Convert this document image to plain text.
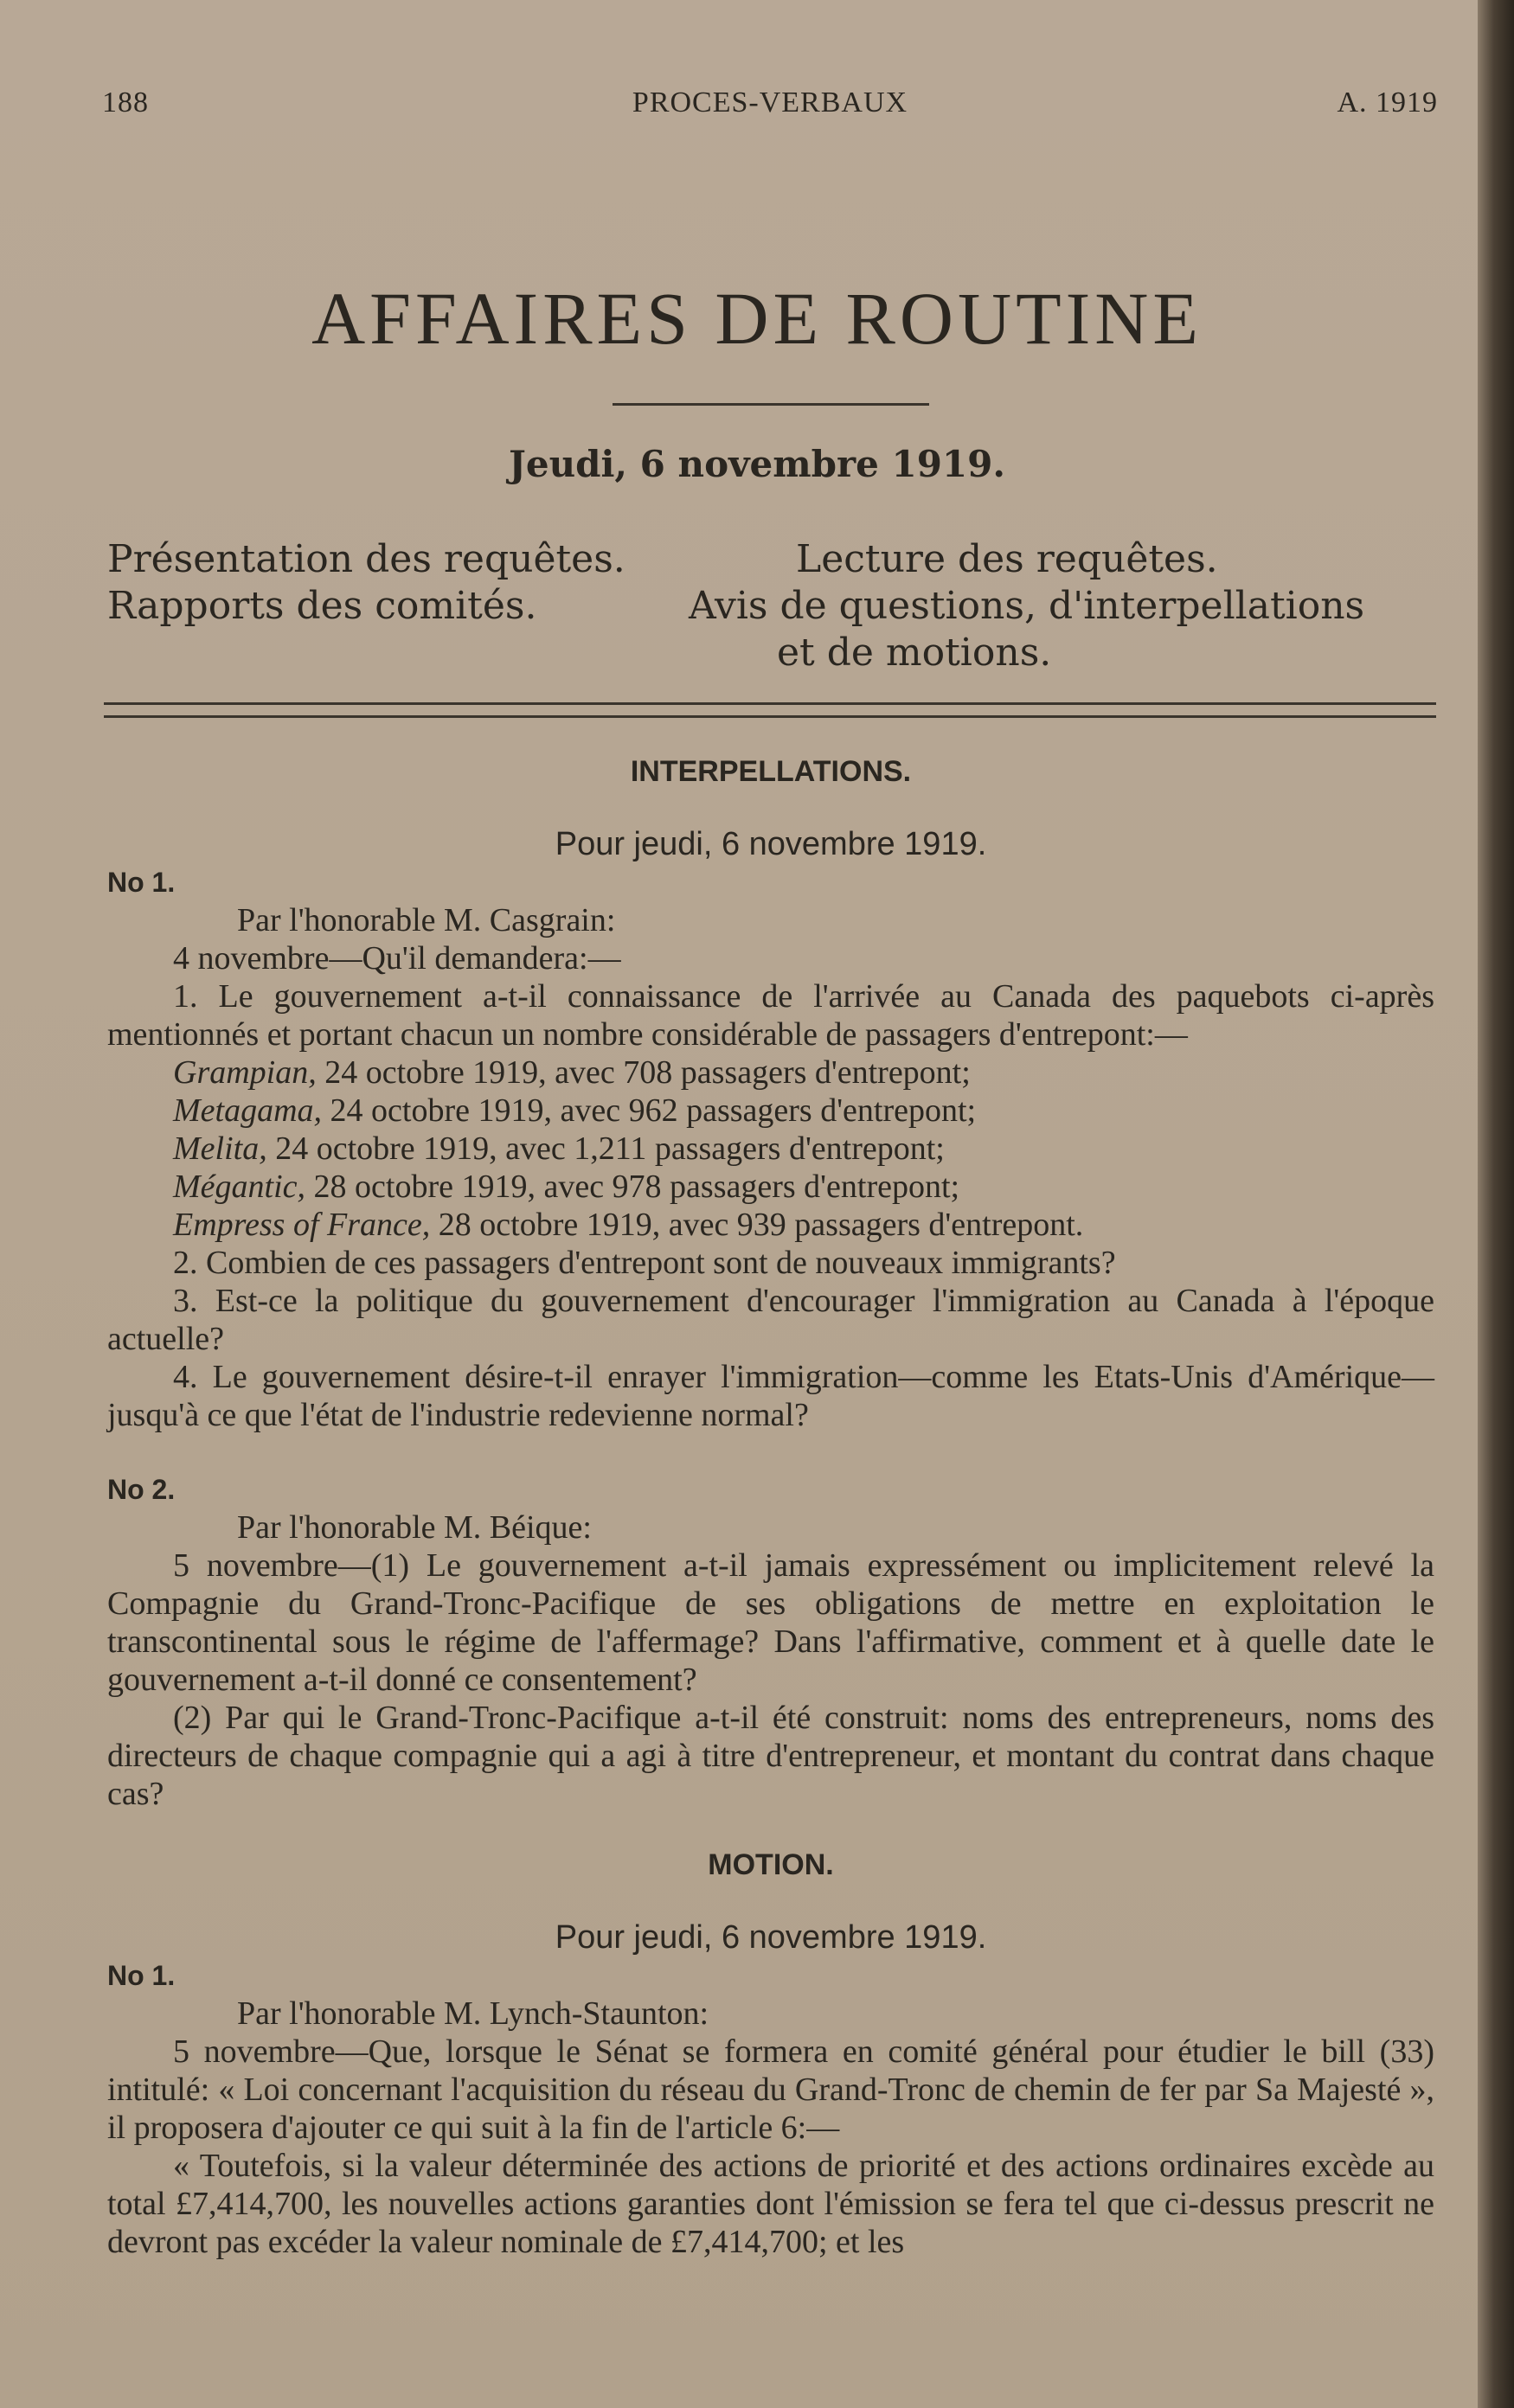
188	PROCES-VERBAUX	A. 1919
AFFAIRES DE ROUTINE
Jeudi, 6 novembre 1919.
Présentation des requêtes.
Rapports des comités.
Lecture des requêtes.
Avis de questions, d'interpellations
et de motions.
INTERPELLATIONS.
Pour jeudi, 6 novembre 1919.
No 1.

Par l'honorable M. Casgrain:

4 novembre—Qu'il demandera:—

1. Le gouvernement a-t-il connaissance de l'arrivée au Canada des paquebots ci-après mentionnés et portant chacun un nombre considérable de passagers d'entrepont:—

Grampian, 24 octobre 1919, avec 708 passagers d'entrepont;

Metagama, 24 octobre 1919, avec 962 passagers d'entrepont;

Melita, 24 octobre 1919, avec 1,211 passagers d'entrepont;

Mégantic, 28 octobre 1919, avec 978 passagers d'entrepont;

Empress of France, 28 octobre 1919, avec 939 passagers d'entrepont.

2. Combien de ces passagers d'entrepont sont de nouveaux immigrants?

3. Est-ce la politique du gouvernement d'encourager l'immigration au Canada à l'époque actuelle?

4. Le gouvernement désire-t-il enrayer l'immigration—comme les Etats-Unis d'Amérique—jusqu'à ce que l'état de l'industrie redevienne normal?

No 2.

Par l'honorable M. Béique:

5 novembre—(1) Le gouvernement a-t-il jamais expressément ou implicitement relevé la Compagnie du Grand-Tronc-Pacifique de ses obligations de mettre en exploitation le transcontinental sous le régime de l'affermage? Dans l'affirmative, comment et à quelle date le gouvernement a-t-il donné ce consentement?

(2) Par qui le Grand-Tronc-Pacifique a-t-il été construit: noms des entrepreneurs, noms des directeurs de chaque compagnie qui a agi à titre d'entrepreneur, et montant du contrat dans chaque cas?

MOTION.
Pour jeudi, 6 novembre 1919.
No 1.

Par l'honorable M. Lynch-Staunton:

5 novembre—Que, lorsque le Sénat se formera en comité général pour étudier le bill (33) intitulé: « Loi concernant l'acquisition du réseau du Grand-Tronc de chemin de fer par Sa Majesté », il proposera d'ajouter ce qui suit à la fin de l'article 6:—

« Toutefois, si la valeur déterminée des actions de priorité et des actions ordinaires excède au total £7,414,700, les nouvelles actions garanties dont l'émission se fera tel que ci-dessus prescrit ne devront pas excéder la valeur nominale de £7,414,700; et les
